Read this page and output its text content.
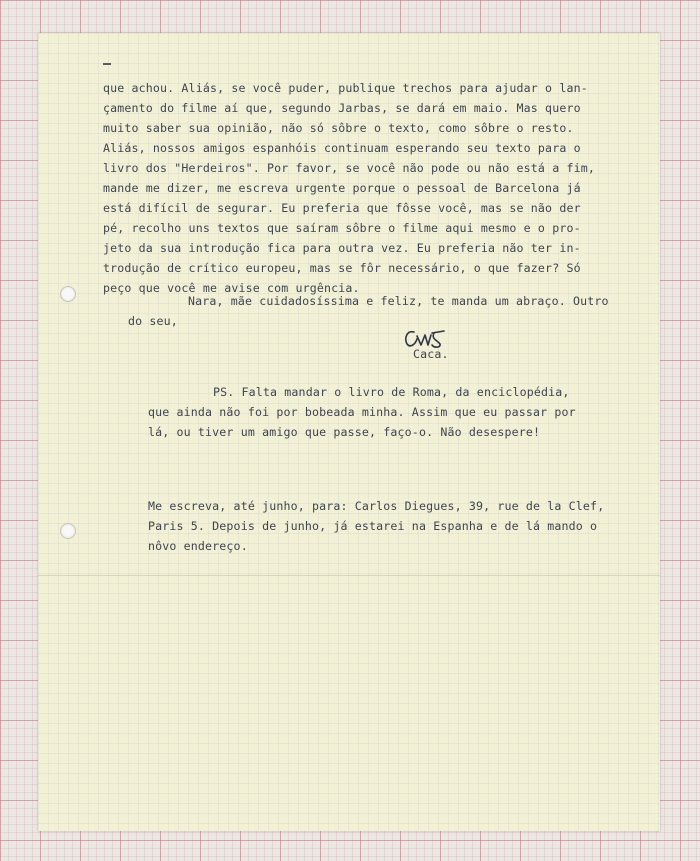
que achou. Aliás, se você puder, publique trechos para ajudar o lan-
çamento do filme aí que, segundo Jarbas, se dará em maio. Mas quero
muito saber sua opinião, não só sôbre o texto, como sôbre o resto.
Aliás, nossos amigos espanhóis continuam esperando seu texto para o
livro dos "Herdeiros". Por favor, se você não pode ou não está a fim,
mande me dizer, me escreva urgente porque o pessoal de Barcelona já
está difícil de segurar. Eu preferia que fôsse você, mas se não der
pé, recolho uns textos que saíram sôbre o filme aqui mesmo e o pro-
jeto da sua introdução fica para outra vez. Eu preferia não ter in-
trodução de crítico europeu, mas se fôr necessário, o que fazer? Só
peço que você me avise com urgência.
Nara, mãe cuidadosíssima e feliz, te manda um abraço. Outro
do seu,
Caca.
PS. Falta mandar o livro de Roma, da enciclopédia,
que ainda não foi por bobeada minha. Assim que eu passar por
lá, ou tiver um amigo que passe, faço-o. Não desespere!
Me escreva, até junho, para: Carlos Diegues, 39, rue de la Clef,
Paris 5. Depois de junho, já estarei na Espanha e de lá mando o
nôvo endereço.
